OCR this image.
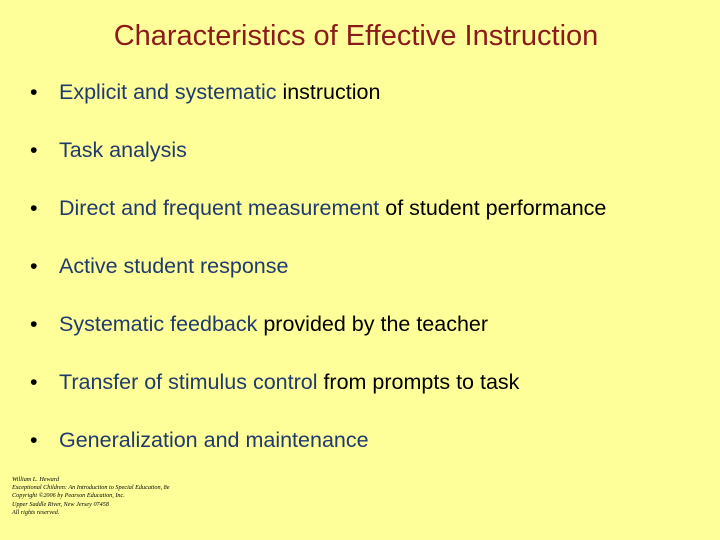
Characteristics of Effective Instruction
• Explicit and systematic instruction
• Task analysis
• Direct and frequent measurement of student performance
• Active student response
• Systematic feedback provided by the teacher
• Transfer of stimulus control from prompts to task
• Generalization and maintenance
William L. Heward
Exceptional Children: An Introduction to Special Education, 8e
Copyright ©2006 by Pearson Education, Inc.
Upper Saddle River, New Jersey 07458
All rights reserved.
